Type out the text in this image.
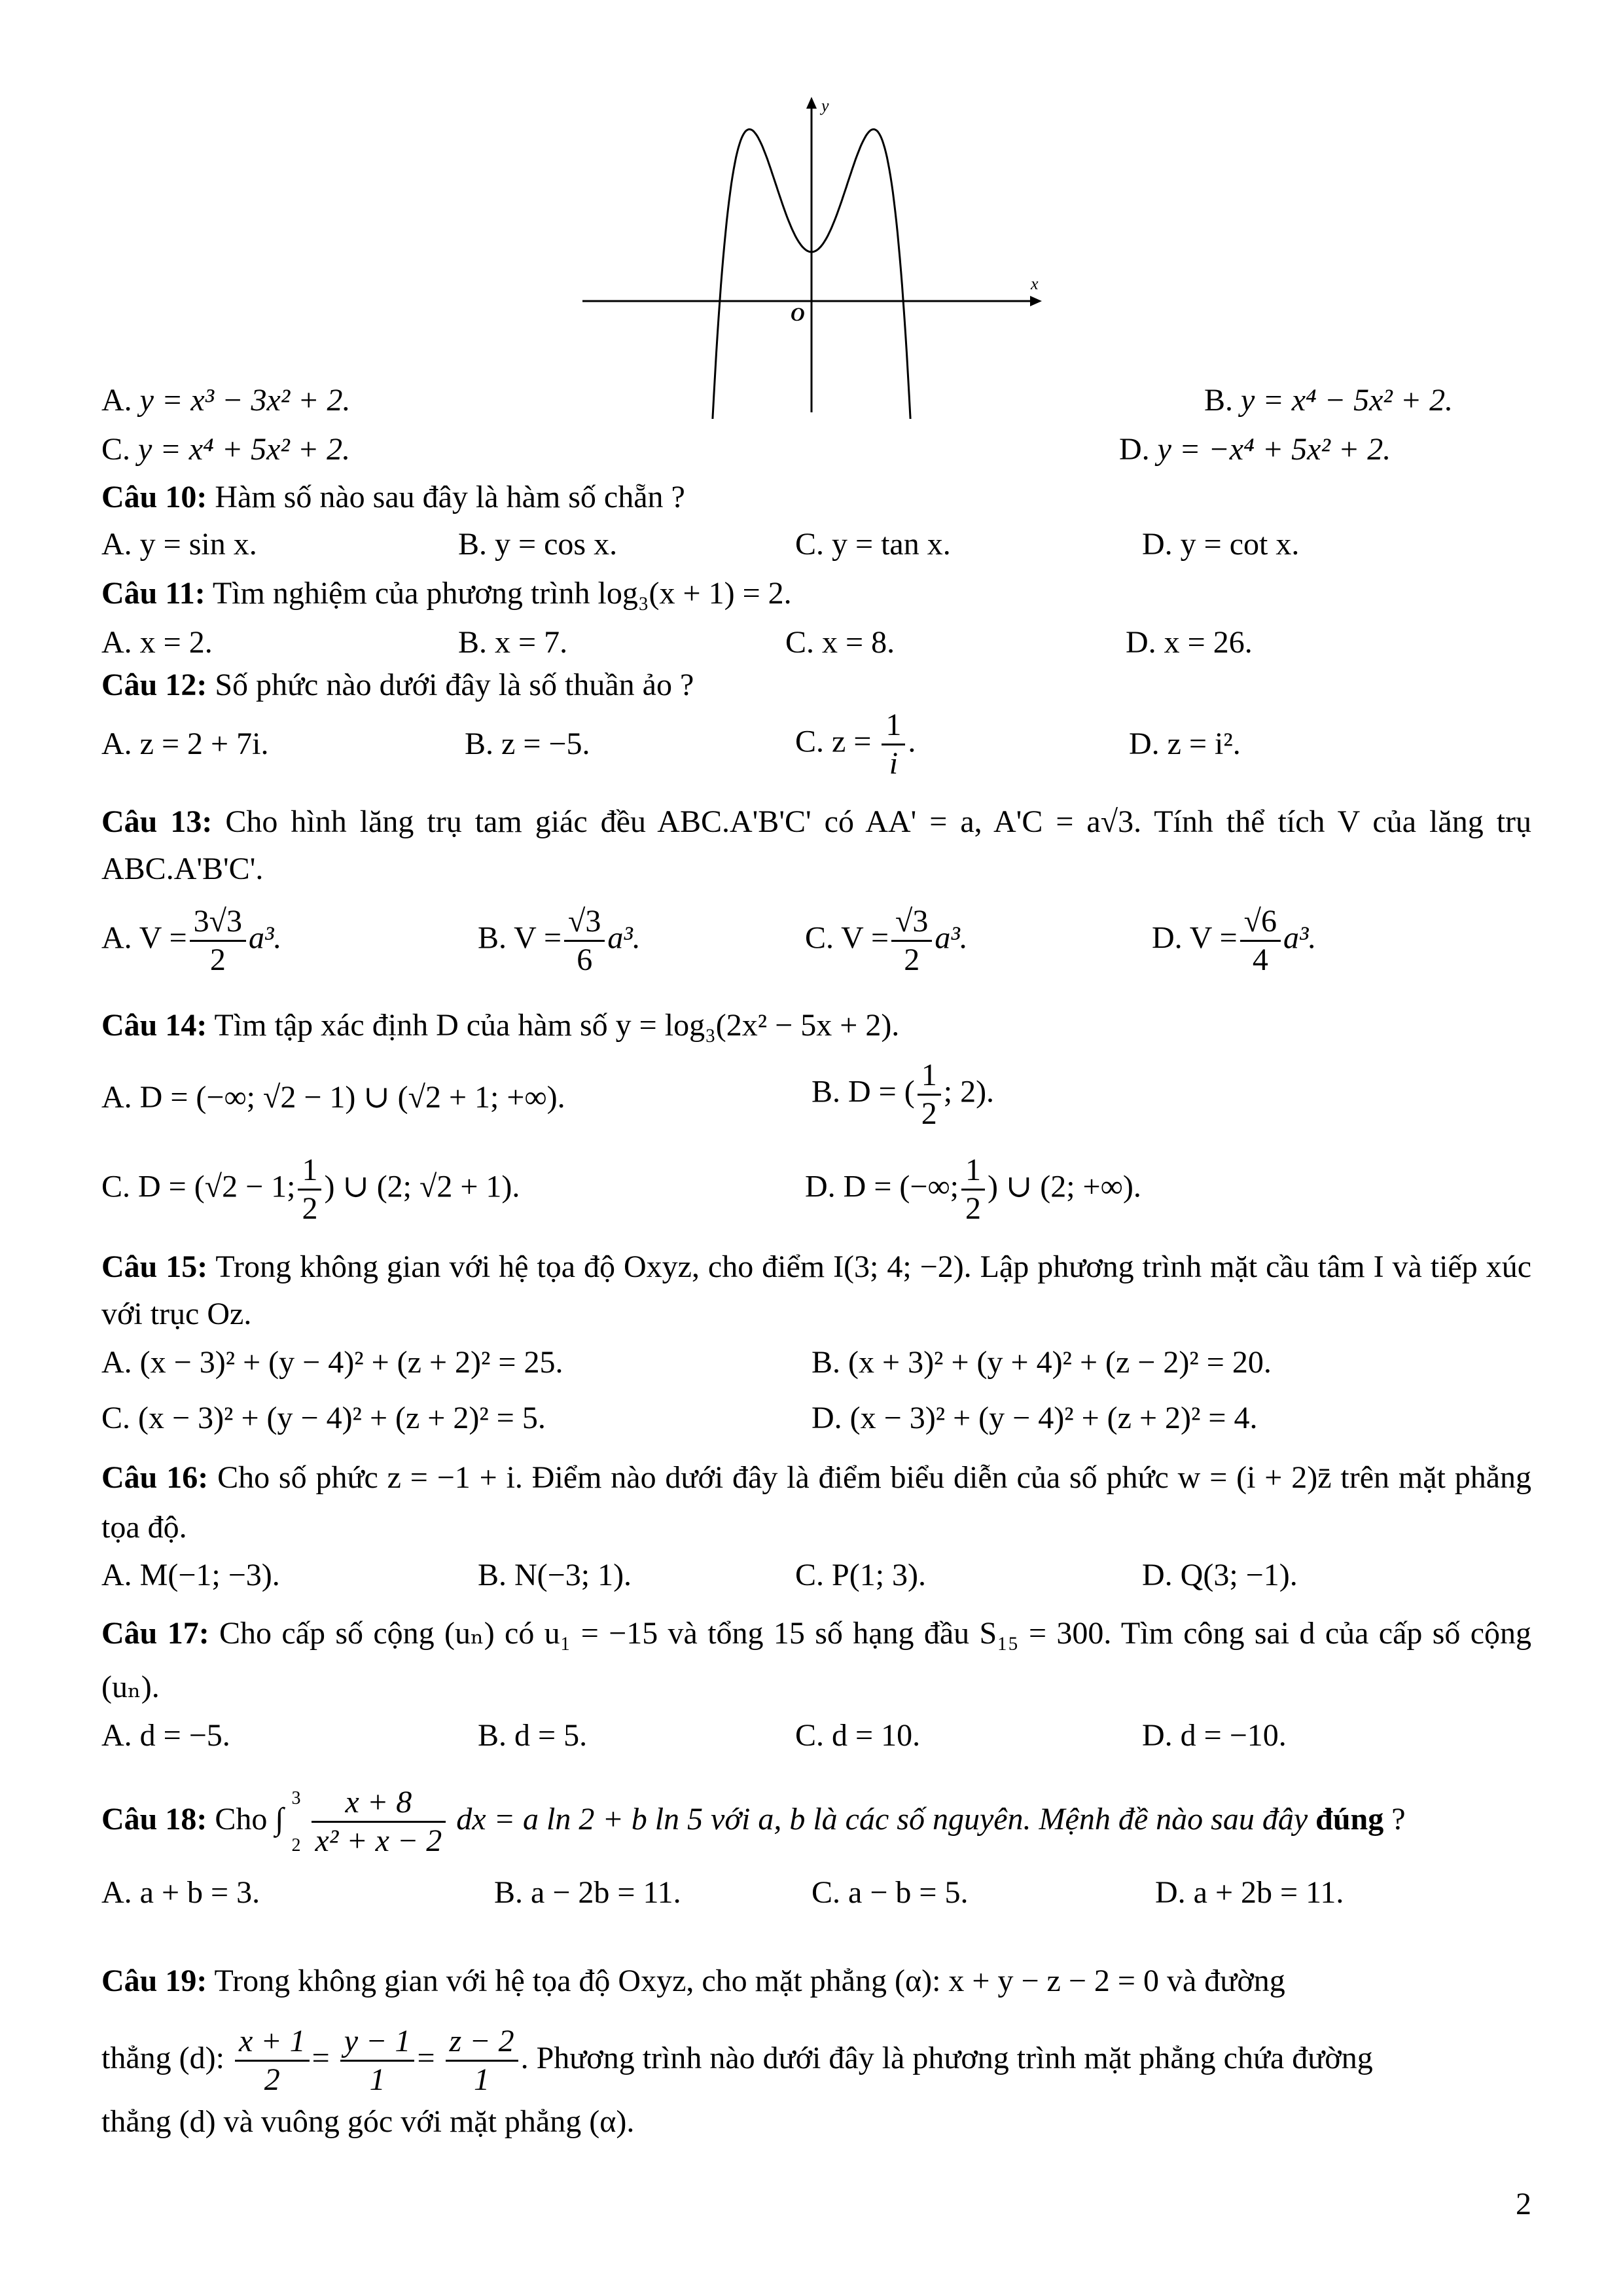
x
y
O
A. y = x³ − 3x² + 2.	B. y = x⁴ − 5x² + 2.
C. y = x⁴ + 5x² + 2.	D. y = −x⁴ + 5x² + 2.
Câu 10: Hàm số nào sau đây là hàm số chẵn ?
A. y = sin x.	B. y = cos x.	C. y = tan x.	D. y = cot x.
Câu 11: Tìm nghiệm của phương trình log₃(x + 1) = 2.
A. x = 2.	B. x = 7.	C. x = 8.	D. x = 26.
Câu 12: Số phức nào dưới đây là số thuần ảo ?
A. z = 2 + 7i.	B. z = −5.	C. $z = \frac{1}{i}$ .	D. z = i².
Câu 13: Cho hình lăng trụ tam giác đều ABC.A'B'C' có AA' = a, A'C = a√3. Tính thể tích V của lăng trụ ABC.A'B'C'.
A. $V = \frac{3√3}{2} a^3$.	B. $V = \frac{√3}{6} a^3$.	C. $V = \frac{√3}{2} a^3$.	D. $V = \frac{√6}{4} a^3$.
Câu 14: Tìm tập xác định D của hàm số y = log₃(2x² − 5x + 2).
A. D = (−∞; √2 − 1) ∪ (√2 + 1; +∞).	B. D = ( $\frac{1}{2}$ ; 2).
C. D = (√2 − 1; $\frac{1}{2}$ ) ∪ (2; √2 + 1).	D. D = (−∞; $\frac{1}{2}$ ) ∪ (2; +∞).
Câu 15: Trong không gian với hệ tọa độ Oxyz, cho điểm I(3; 4; −2). Lập phương trình mặt cầu tâm I và tiếp xúc với trục Oz.
A. (x − 3)² + (y − 4)² + (z + 2)² = 25.	B. (x + 3)² + (y + 4)² + (z − 2)² = 20.
C. (x − 3)² + (y − 4)² + (z + 2)² = 5.	D. (x − 3)² + (y − 4)² + (z + 2)² = 4.
Câu 16: Cho số phức z = −1 + i. Điểm nào dưới đây là điểm biểu diễn của số phức w = (i + 2)z̄ trên mặt phẳng tọa độ.
A. M(−1; −3).	B. N(−3; 1).	C. P(1; 3).	D. Q(3; −1).
Câu 17: Cho cấp số cộng (uₙ) có u₁ = −15 và tổng 15 số hạng đầu S₁₅ = 300. Tìm công sai d của cấp số cộng (uₙ).
A. d = −5.	B. d = 5.	C. d = 10.	D. d = −10.
Câu 18: Cho ∫
3
2
$\frac{x + 8}{\text{x² + x − 2}}$ dx = a ln 2 + b ln 5 với a, b là các số nguyên. Mệnh đề nào sau đây đúng ?
A. a + b = 3.	B. a − 2b = 11.	C. a − b = 5.	D. a + 2b = 11.
Câu 19: Trong không gian với hệ tọa độ Oxyz, cho mặt phẳng (α): x + y − z − 2 = 0 và đường
thẳng (d): $\frac{x + 1}{2} = \frac{y - 1}{1} = \frac{z - 2}{1}$ . Phương trình nào dưới đây là phương trình mặt phẳng chứa đường
thẳng (d) và vuông góc với mặt phẳng (α).
2
